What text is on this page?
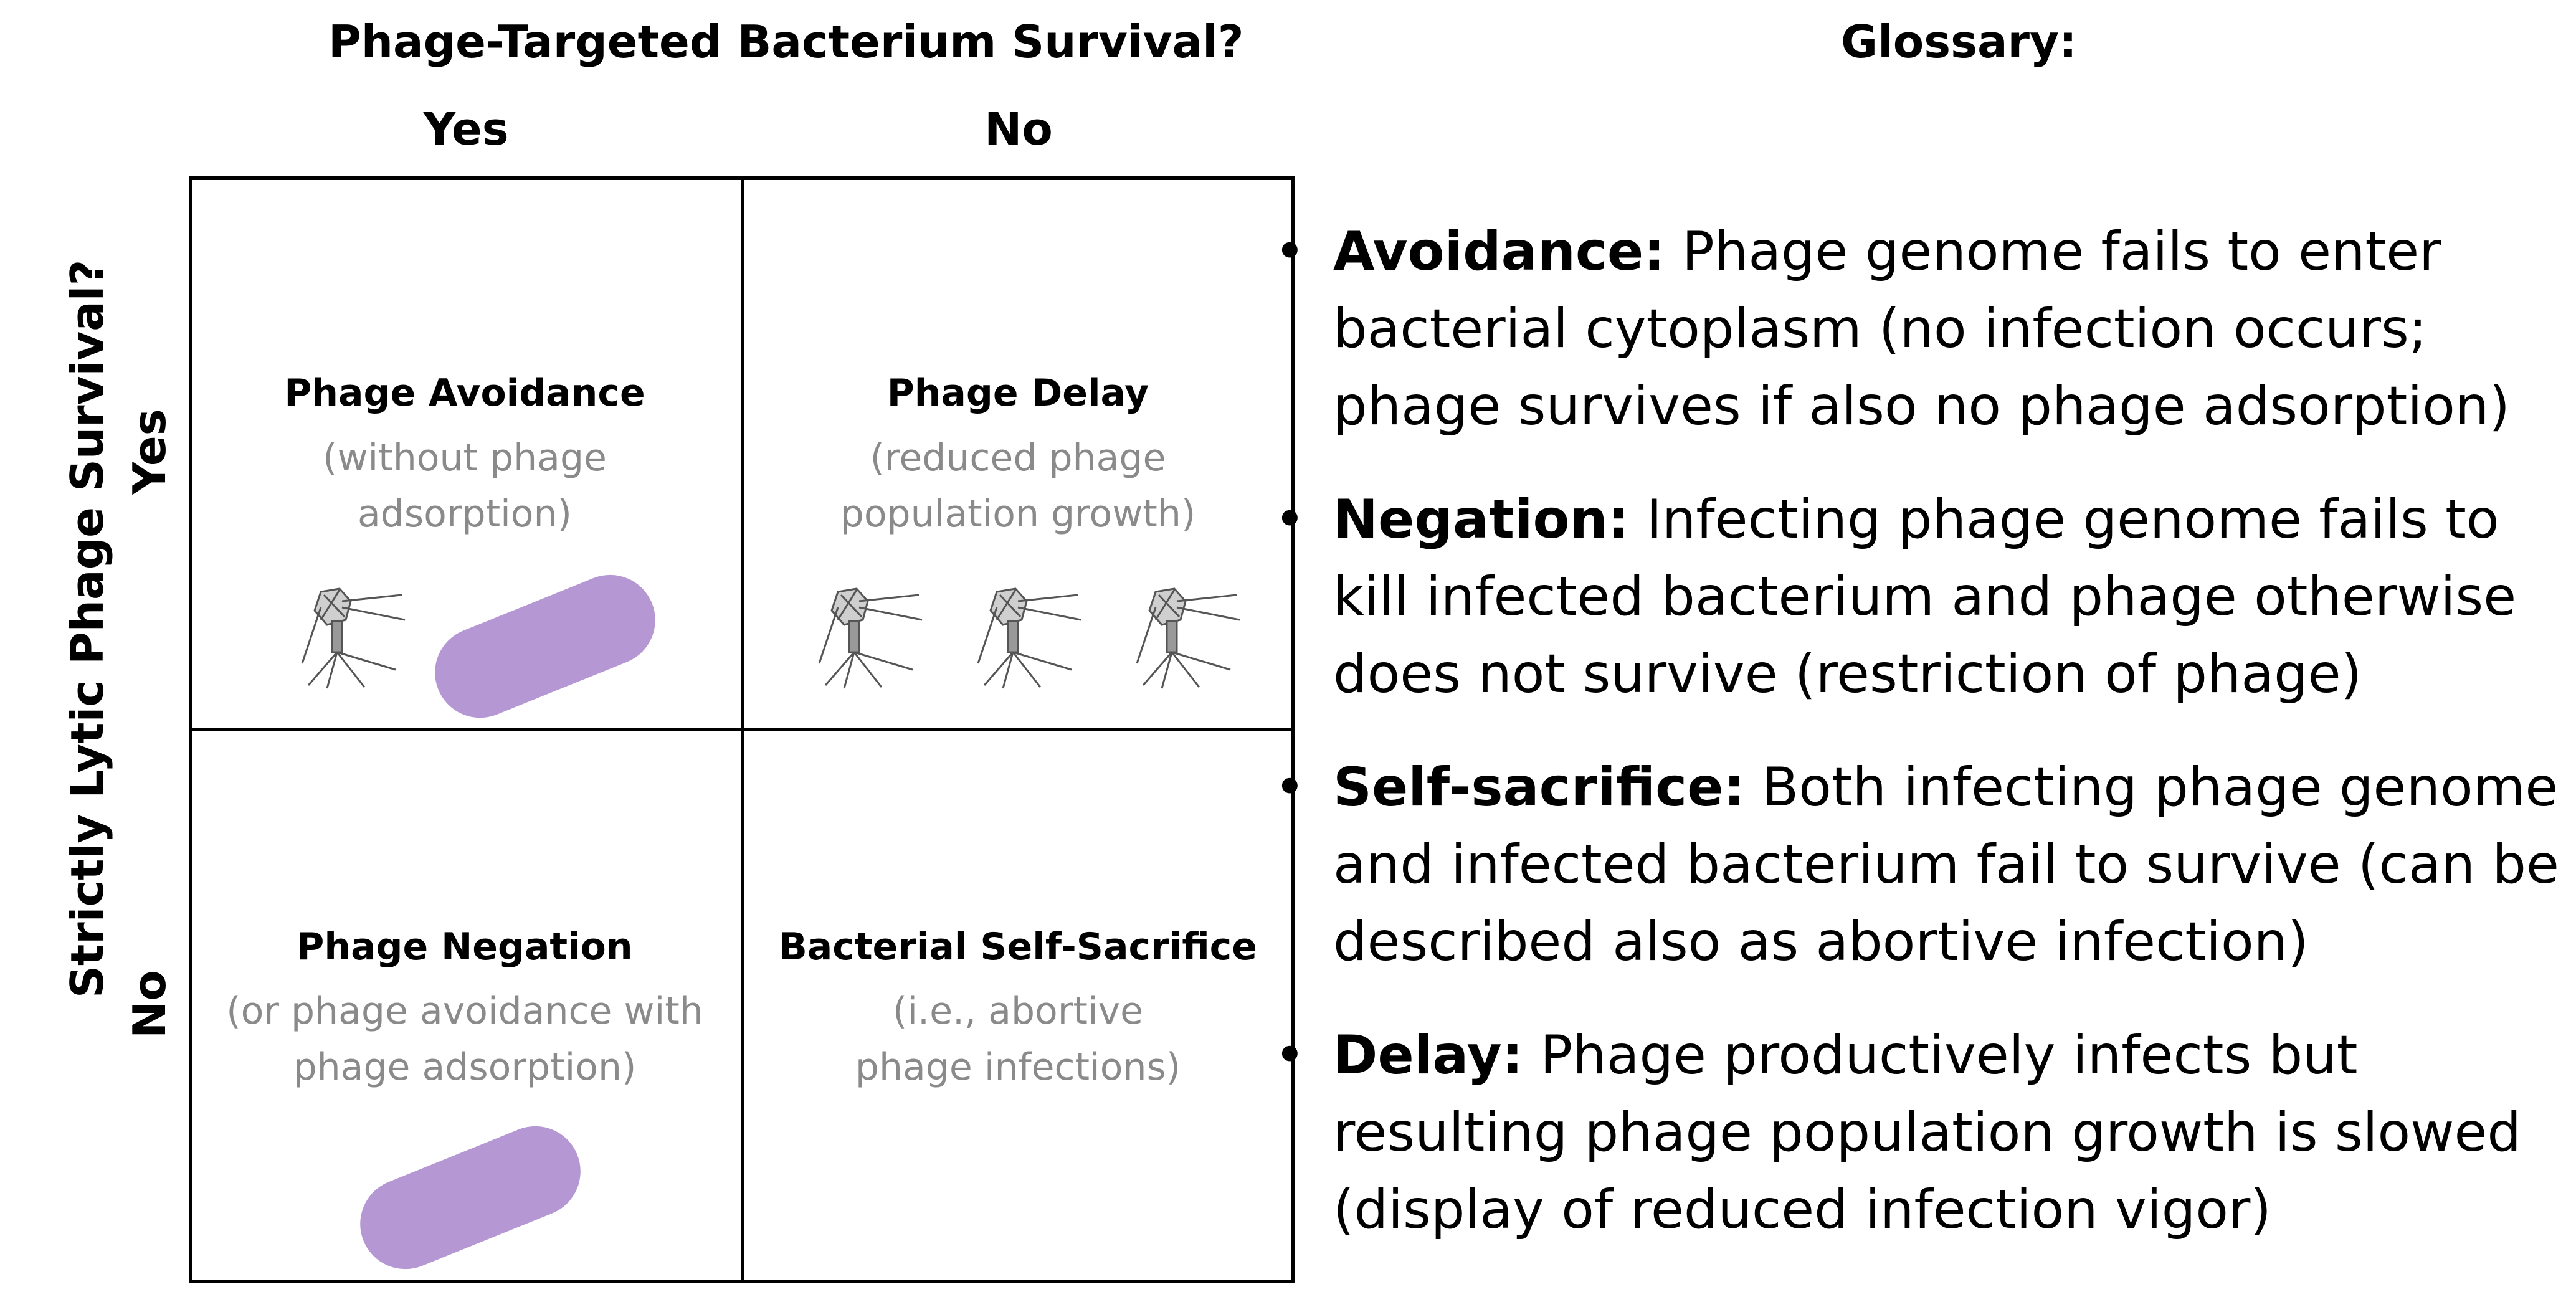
Phage-Targeted Bacterium Survival?
Yes	No
Strictly Lytic Phage Survival? Yes
No
Phage Avoidance
(without phage adsorption)
Phage Delay
(reduced phage population growth)
Phage Negation
(or phage avoidance with phage adsorption)
Bacterial Self-Sacrifice
(i.e., abortive phage infections)
Glossary:
• Avoidance: Phage genome fails to enter bacterial cytoplasm (no infection occurs; phage survives if also no phage adsorption)
• Negation: Infecting phage genome fails to kill infected bacterium and phage otherwise does not survive (restriction of phage)
• Self-sacrifice: Both infecting phage genome and infected bacterium fail to survive (can be described also as abortive infection)
• Delay: Phage productively infects but resulting phage population growth is slowed (display of reduced infection vigor)
